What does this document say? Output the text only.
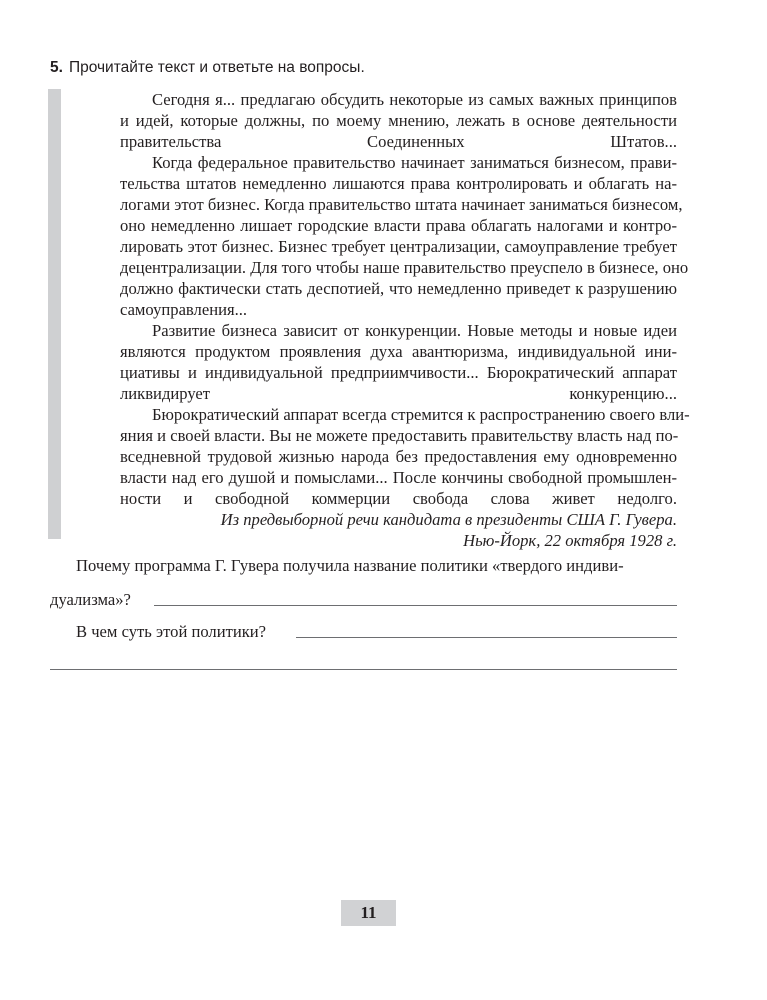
5. Прочитайте текст и ответьте на вопросы.
Сегодня я... предлагаю обсудить некоторые из самых важных принципов
и идей, которые должны, по моему мнению, лежать в основе деятельности
правительства Соединенных Штатов...
Когда федеральное правительство начинает заниматься бизнесом, прави-
тельства штатов немедленно лишаются права контролировать и облагать на-
логами этот бизнес. Когда правительство штата начинает заниматься бизнесом,
оно немедленно лишает городские власти права облагать налогами и контро-
лировать этот бизнес. Бизнес требует централизации, самоуправление требует
децентрализации. Для того чтобы наше правительство преуспело в бизнесе, оно
должно фактически стать деспотией, что немедленно приведет к разрушению
самоуправления...
Развитие бизнеса зависит от конкуренции. Новые методы и новые идеи
являются продуктом проявления духа авантюризма, индивидуальной ини-
циативы и индивидуальной предприимчивости... Бюрократический аппарат
ликвидирует конкуренцию...
Бюрократический аппарат всегда стремится к распространению своего вли-
яния и своей власти. Вы не можете предоставить правительству власть над по-
вседневной трудовой жизнью народа без предоставления ему одновременно
власти над его душой и помыслами... После кончины свободной промышлен-
ности и свободной коммерции свобода слова живет недолго.
Из предвыборной речи кандидата в президенты США Г. Гувера.
Нью-Йорк, 22 октября 1928 г.
Почему программа Г. Гувера получила название политики «твердого индиви-
дуализма»?
В чем суть этой политики?
11
